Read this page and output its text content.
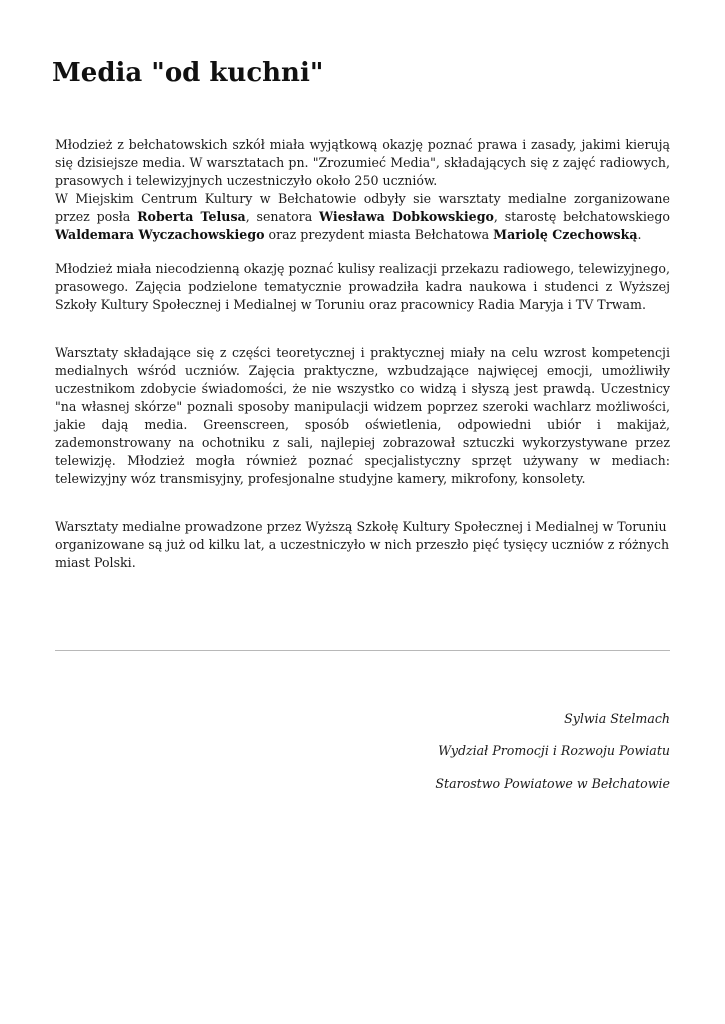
Media "od kuchni"

Młodzież z bełchatowskich szkół miała wyjątkową okazję poznać prawa i zasady, jakimi kierują się dzisiejsze media. W warsztatach pn. "Zrozumieć Media", składających się z zajęć radiowych, prasowych i telewizyjnych uczestniczyło około 250 uczniów.

W Miejskim Centrum Kultury w Bełchatowie odbyły sie warsztaty medialne zorganizowane przez posła Roberta Telusa, senatora Wiesława Dobkowskiego, starostę bełchatowskiego Waldemara Wyczachowskiego oraz prezydent miasta Bełchatowa Mariolę Czechowską.

Młodzież miała niecodzienną okazję poznać kulisy realizacji przekazu radiowego, telewizyjnego, prasowego. Zajęcia podzielone tematycznie prowadziła kadra naukowa i studenci z Wyższej Szkoły Kultury Społecznej i Medialnej w Toruniu oraz pracownicy Radia Maryja i TV Trwam.

Warsztaty składające się z części teoretycznej i praktycznej miały na celu wzrost kompetencji medialnych wśród uczniów. Zajęcia praktyczne, wzbudzające najwięcej emocji, umożliwiły uczestnikom zdobycie świadomości, że nie wszystko co widzą i słyszą jest prawdą. Uczestnicy "na własnej skórze" poznali sposoby manipulacji widzem poprzez szeroki wachlarz możliwości, jakie dają media. Greenscreen, sposób oświetlenia, odpowiedni ubiór i makijaż, zademonstrowany na ochotniku z sali, najlepiej zobrazował sztuczki wykorzystywane przez telewizję. Młodzież mogła również poznać specjalistyczny sprzęt używany w mediach: telewizyjny wóz transmisyjny, profesjonalne studyjne kamery, mikrofony, konsolety.

Warsztaty medialne prowadzone przez Wyższą Szkołę Kultury Społecznej i Medialnej w Toruniu organizowane są już od kilku lat, a uczestniczyło w nich przeszło pięć tysięcy uczniów z różnych miast Polski.

Sylwia Stelmach
Wydział Promocji i Rozwoju Powiatu
Starostwo Powiatowe w Bełchatowie
